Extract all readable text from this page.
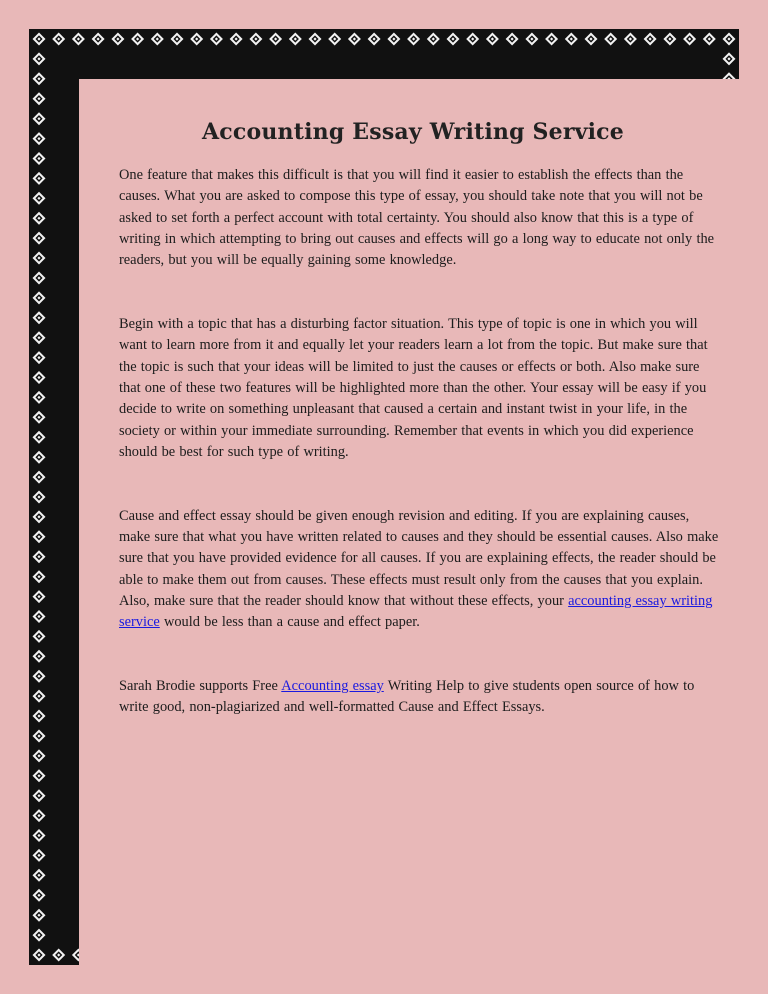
Accounting Essay Writing Service

One feature that makes this difficult is that you will find it easier to establish the effects than the causes. What you are asked to compose this type of essay, you should take note that you will not be asked to set forth a perfect account with total certainty. You should also know that this is a type of writing in which attempting to bring out causes and effects will go a long way to educate not only the readers, but you will be equally gaining some knowledge.

Begin with a topic that has a disturbing factor situation. This type of topic is one in which you will want to learn more from it and equally let your readers learn a lot from the topic. But make sure that the topic is such that your ideas will be limited to just the causes or effects or both. Also make sure that one of these two features will be highlighted more than the other. Your essay will be easy if you decide to write on something unpleasant that caused a certain and instant twist in your life, in the society or within your immediate surrounding. Remember that events in which you did experience should be best for such type of writing.

Cause and effect essay should be given enough revision and editing. If you are explaining causes, make sure that what you have written related to causes and they should be essential causes. Also make sure that you have provided evidence for all causes. If you are explaining effects, the reader should be able to make them out from causes. These effects must result only from the causes that you explain. Also, make sure that the reader should know that without these effects, your accounting essay writing service would be less than a cause and effect paper.

Sarah Brodie supports Free Accounting essay Writing Help to give students open source of how to write good, non-plagiarized and well-formatted Cause and Effect Essays.
